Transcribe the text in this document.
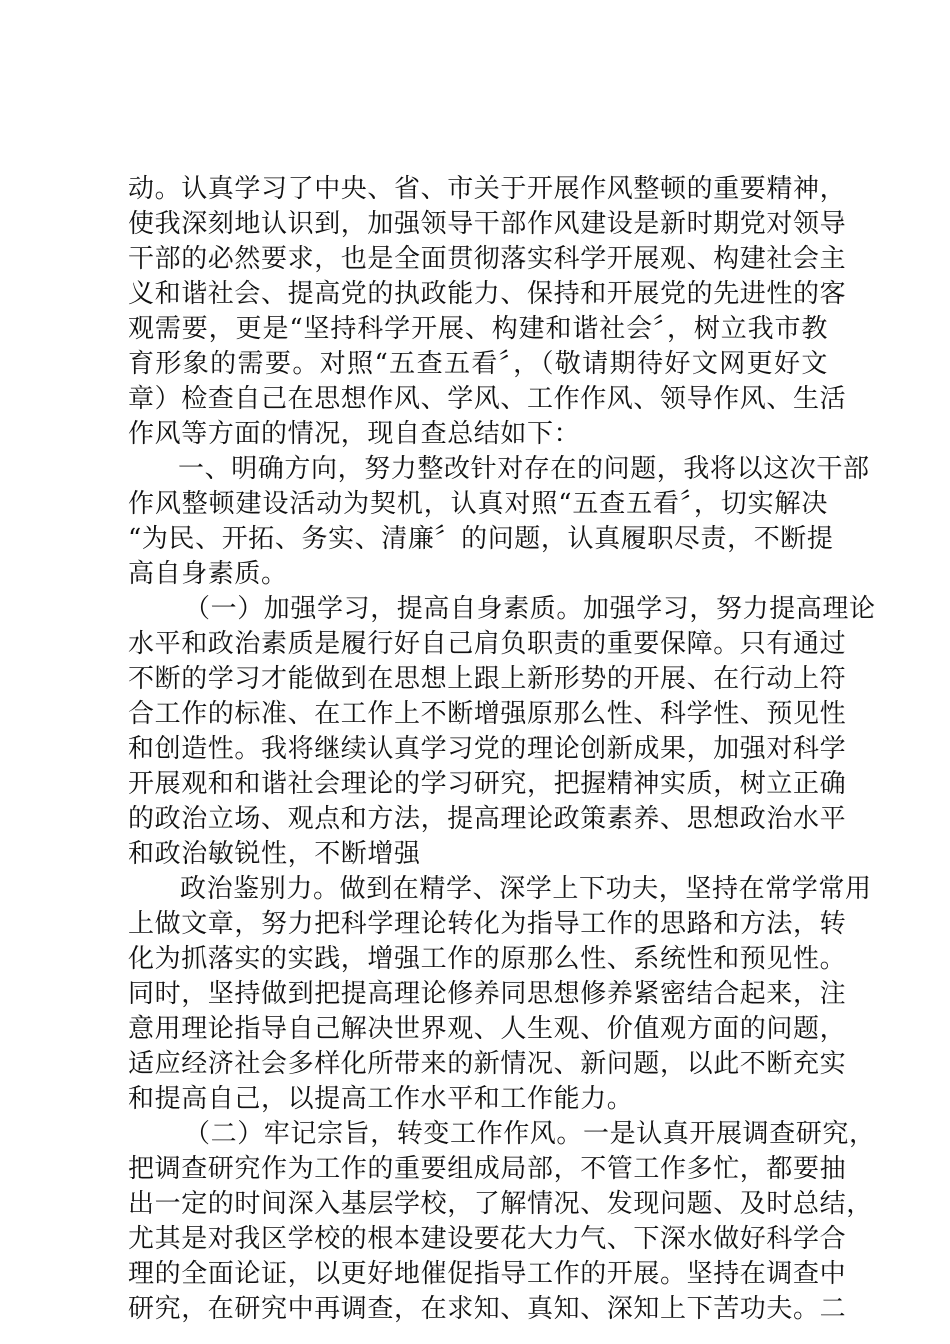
动。认真学习了中央、省、市关于开展作风整顿的重要精神，
使我深刻地认识到，加强领导干部作风建设是新时期党对领导
干部的必然要求，也是全面贯彻落实科学开展观、构建社会主
义和谐社会、提高党的执政能力、保持和开展党的先进性的客
观需要，更是“坚持科学开展、构建和谐社会〞，树立我市教
育形象的需要。对照“五查五看〞，（敬请期待好文网更好文
章）检查自己在思想作风、学风、工作作风、领导作风、生活
作风等方面的情况，现自查总结如下：
一、明确方向，努力整改针对存在的问题，我将以这次干部
作风整顿建设活动为契机，认真对照“五查五看〞，切实解决
“为民、开拓、务实、清廉〞的问题，认真履职尽责，不断提
高自身素质。
（一）加强学习，提高自身素质。加强学习，努力提高理论
水平和政治素质是履行好自己肩负职责的重要保障。只有通过
不断的学习才能做到在思想上跟上新形势的开展、在行动上符
合工作的标准、在工作上不断增强原那么性、科学性、预见性
和创造性。我将继续认真学习党的理论创新成果，加强对科学
开展观和和谐社会理论的学习研究，把握精神实质，树立正确
的政治立场、观点和方法，提高理论政策素养、思想政治水平
和政治敏锐性，不断增强
政治鉴别力。做到在精学、深学上下功夫，坚持在常学常用
上做文章，努力把科学理论转化为指导工作的思路和方法，转
化为抓落实的实践，增强工作的原那么性、系统性和预见性。
同时，坚持做到把提高理论修养同思想修养紧密结合起来，注
意用理论指导自己解决世界观、人生观、价值观方面的问题，
适应经济社会多样化所带来的新情况、新问题，以此不断充实
和提高自己，以提高工作水平和工作能力。
（二）牢记宗旨，转变工作作风。一是认真开展调查研究，
把调查研究作为工作的重要组成局部，不管工作多忙，都要抽
出一定的时间深入基层学校，了解情况、发现问题、及时总结，
尤其是对我区学校的根本建设要花大力气、下深水做好科学合
理的全面论证，以更好地催促指导工作的开展。坚持在调查中
研究，在研究中再调查，在求知、真知、深知上下苦功夫。二
